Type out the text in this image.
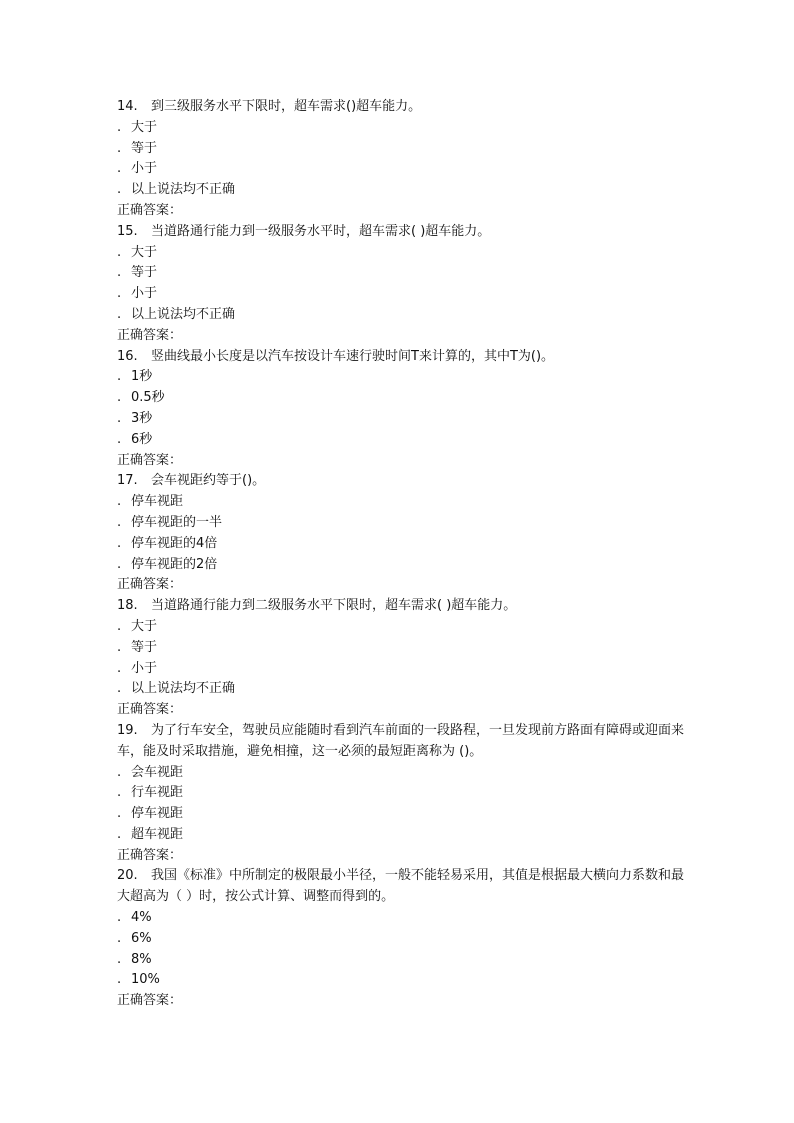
14. 到三级服务水平下限时，超车需求()超车能力。
. 大于
. 等于
. 小于
. 以上说法均不正确
正确答案：
15. 当道路通行能力到一级服务水平时，超车需求( )超车能力。
. 大于
. 等于
. 小于
. 以上说法均不正确
正确答案：
16. 竖曲线最小长度是以汽车按设计车速行驶时间T来计算的，其中T为()。
. 1秒
. 0.5秒
. 3秒
. 6秒
正确答案：
17. 会车视距约等于()。
. 停车视距
. 停车视距的一半
. 停车视距的4倍
. 停车视距的2倍
正确答案：
18. 当道路通行能力到二级服务水平下限时，超车需求( )超车能力。
. 大于
. 等于
. 小于
. 以上说法均不正确
正确答案：
19. 为了行车安全，驾驶员应能随时看到汽车前面的一段路程，一旦发现前方路面有障碍或迎面来车，能及时采取措施，避免相撞，这一必须的最短距离称为 ()。
. 会车视距
. 行车视距
. 停车视距
. 超车视距
正确答案：
20. 我国《标准》中所制定的极限最小半径，一般不能轻易采用，其值是根据最大横向力系数和最大超高为（ ）时，按公式计算、调整而得到的。
. 4%
. 6%
. 8%
. 10%
正确答案：
